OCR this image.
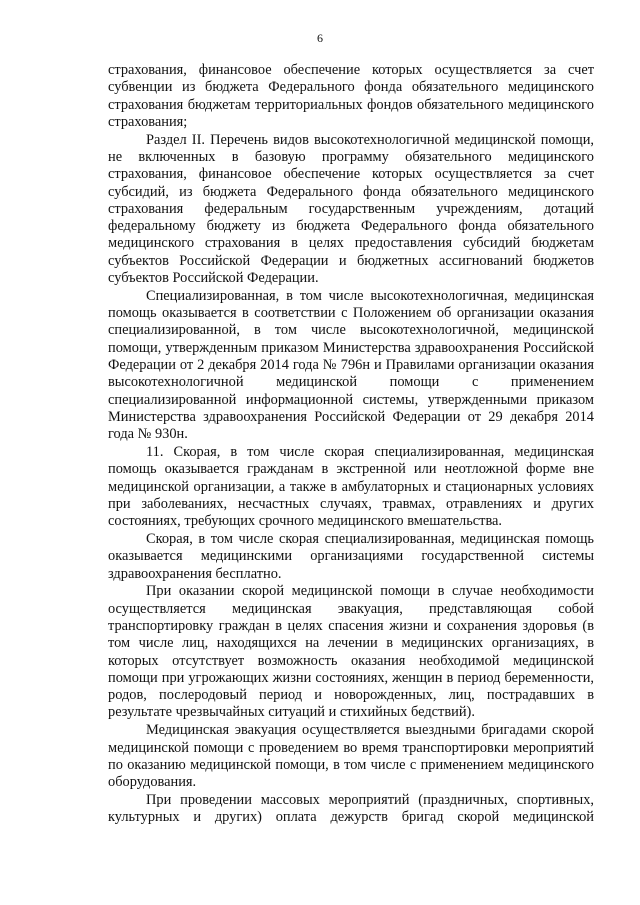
6

страхования, финансовое обеспечение которых осуществляется за счет субвенции из бюджета Федерального фонда обязательного медицинского страхования бюджетам территориальных фондов обязательного медицинского страхования;

Раздел II. Перечень видов высокотехнологичной медицинской помощи, не включенных в базовую программу обязательного медицинского страхования, финансовое обеспечение которых осуществляется за счет субсидий, из бюджета Федерального фонда обязательного медицинского страхования федеральным государственным учреждениям, дотаций федеральному бюджету из бюджета Федерального фонда обязательного медицинского страхования в целях предоставления субсидий бюджетам субъектов Российской Федерации и бюджетных ассигнований бюджетов субъектов Российской Федерации.

Специализированная, в том числе высокотехнологичная, медицинская помощь оказывается в соответствии с Положением об организации оказания специализированной, в том числе высокотехнологичной, медицинской помощи, утвержденным приказом Министерства здравоохранения Российской Федерации от 2 декабря 2014 года № 796н и Правилами организации оказания высокотехнологичной медицинской помощи с применением специализированной информационной системы, утвержденными приказом Министерства здравоохранения Российской Федерации от 29 декабря 2014 года № 930н.

11. Скорая, в том числе скорая специализированная, медицинская помощь оказывается гражданам в экстренной или неотложной форме вне медицинской организации, а также в амбулаторных и стационарных условиях при заболеваниях, несчастных случаях, травмах, отравлениях и других состояниях, требующих срочного медицинского вмешательства.

Скорая, в том числе скорая специализированная, медицинская помощь оказывается медицинскими организациями государственной системы здравоохранения бесплатно.

При оказании скорой медицинской помощи в случае необходимости осуществляется медицинская эвакуация, представляющая собой транспортировку граждан в целях спасения жизни и сохранения здоровья (в том числе лиц, находящихся на лечении в медицинских организациях, в которых отсутствует возможность оказания необходимой медицинской помощи при угрожающих жизни состояниях, женщин в период беременности, родов, послеродовый период и новорожденных, лиц, пострадавших в результате чрезвычайных ситуаций и стихийных бедствий).

Медицинская эвакуация осуществляется выездными бригадами скорой медицинской помощи с проведением во время транспортировки мероприятий по оказанию медицинской помощи, в том числе с применением медицинского оборудования.

При проведении массовых мероприятий (праздничных, спортивных, культурных и других) оплата дежурств бригад скорой медицинской
